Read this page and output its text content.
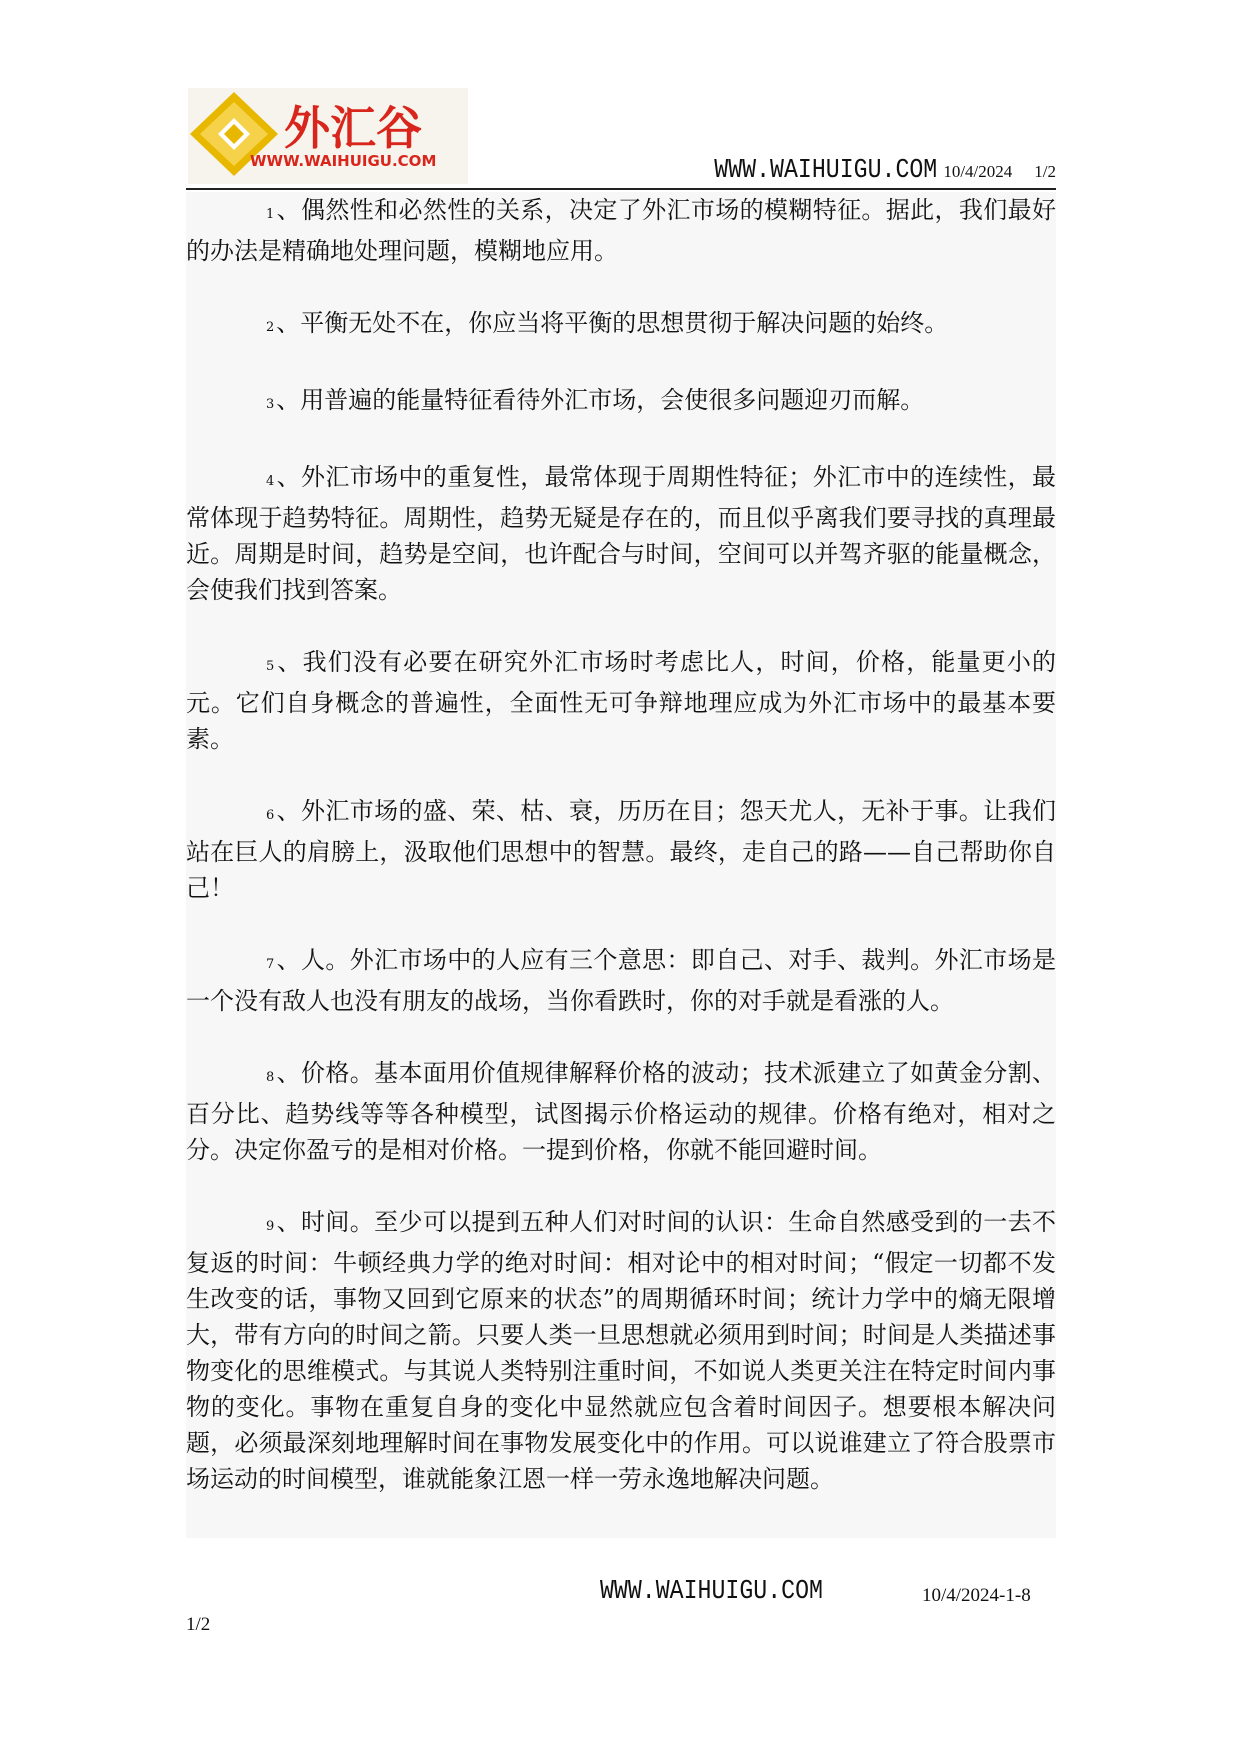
外汇谷
WWW.WAIHUIGU.COM	WWW.WAIHUIGU.COM 10/4/2024 1/2

1、偶然性和必然性的关系，决定了外汇市场的模糊特征。据此，我们最好的办法是精确地处理问题，模糊地应用。

2、平衡无处不在，你应当将平衡的思想贯彻于解决问题的始终。

3、用普遍的能量特征看待外汇市场，会使很多问题迎刃而解。

4、外汇市场中的重复性，最常体现于周期性特征；外汇市中的连续性，最常体现于趋势特征。周期性，趋势无疑是存在的，而且似乎离我们要寻找的真理最近。周期是时间，趋势是空间，也许配合与时间，空间可以并驾齐驱的能量概念，会使我们找到答案。

5、我们没有必要在研究外汇市场时考虑比人，时间，价格，能量更小的元。它们自身概念的普遍性，全面性无可争辩地理应成为外汇市场中的最基本要素。

6、外汇市场的盛、荣、枯、衰，历历在目；怨天尤人，无补于事。让我们站在巨人的肩膀上，汲取他们思想中的智慧。最终，走自己的路——自己帮助你自己！

7、人。外汇市场中的人应有三个意思：即自己、对手、裁判。外汇市场是一个没有敌人也没有朋友的战场，当你看跌时，你的对手就是看涨的人。

8、价格。基本面用价值规律解释价格的波动；技术派建立了如黄金分割、百分比、趋势线等等各种模型，试图揭示价格运动的规律。价格有绝对，相对之分。决定你盈亏的是相对价格。一提到价格，你就不能回避时间。

9、时间。至少可以提到五种人们对时间的认识：生命自然感受到的一去不复返的时间：牛顿经典力学的绝对时间：相对论中的相对时间；“假定一切都不发生改变的话，事物又回到它原来的状态”的周期循环时间；统计力学中的熵无限增大，带有方向的时间之箭。只要人类一旦思想就必须用到时间；时间是人类描述事物变化的思维模式。与其说人类特别注重时间，不如说人类更关注在特定时间内事物的变化。事物在重复自身的变化中显然就应包含着时间因子。想要根本解决问题，必须最深刻地理解时间在事物发展变化中的作用。可以说谁建立了符合股票市场运动的时间模型，谁就能象江恩一样一劳永逸地解决问题。

WWW.WAIHUIGU.COM	10/4/2024-1-8
1/2
